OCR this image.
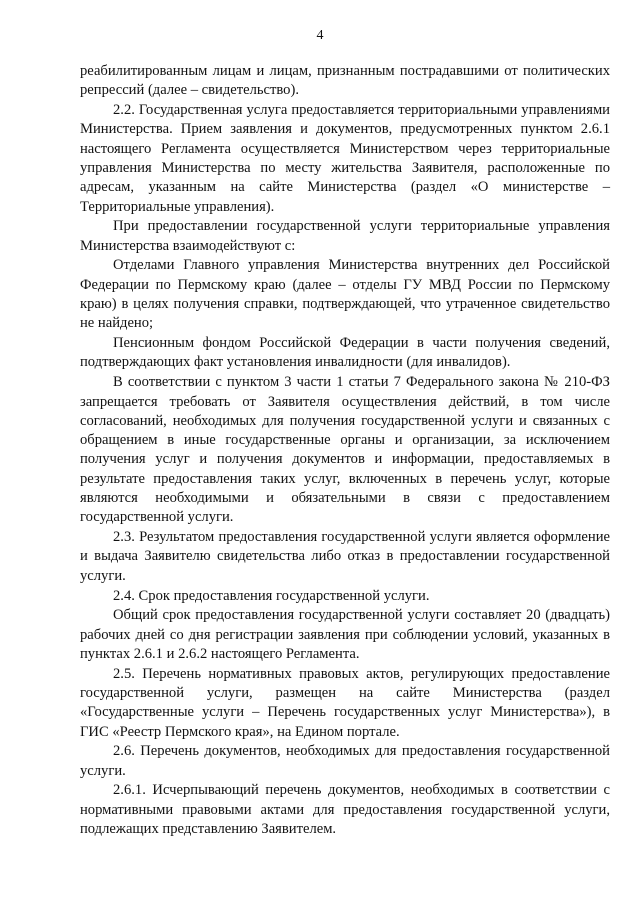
4

реабилитированным лицам и лицам, признанным пострадавшими от политических репрессий (далее – свидетельство).

2.2. Государственная услуга предоставляется территориальными управлениями Министерства. Прием заявления и документов, предусмотренных пунктом 2.6.1 настоящего Регламента осуществляется Министерством через территориальные управления Министерства по месту жительства Заявителя, расположенные по адресам, указанным на сайте Министерства (раздел «О министерстве – Территориальные управления).

При предоставлении государственной услуги территориальные управления Министерства взаимодействуют с:

Отделами Главного управления Министерства внутренних дел Российской Федерации по Пермскому краю (далее – отделы ГУ МВД России по Пермскому краю) в целях получения справки, подтверждающей, что утраченное свидетельство не найдено;

Пенсионным фондом Российской Федерации в части получения сведений, подтверждающих факт установления инвалидности (для инвалидов).

В соответствии с пунктом 3 части 1 статьи 7 Федерального закона № 210-ФЗ запрещается требовать от Заявителя осуществления действий, в том числе согласований, необходимых для получения государственной услуги и связанных с обращением в иные государственные органы и организации, за исключением получения услуг и получения документов и информации, предоставляемых в результате предоставления таких услуг, включенных в перечень услуг, которые являются необходимыми и обязательными в связи с предоставлением государственной услуги.

2.3. Результатом предоставления государственной услуги является оформление и выдача Заявителю свидетельства либо отказ в предоставлении государственной услуги.

2.4. Срок предоставления государственной услуги.

Общий срок предоставления государственной услуги составляет 20 (двадцать) рабочих дней со дня регистрации заявления при соблюдении условий, указанных в пунктах 2.6.1 и 2.6.2 настоящего Регламента.

2.5. Перечень нормативных правовых актов, регулирующих предоставление государственной услуги, размещен на сайте Министерства (раздел «Государственные услуги – Перечень государственных услуг Министерства»), в ГИС «Реестр Пермского края», на Едином портале.

2.6. Перечень документов, необходимых для предоставления государственной услуги.

2.6.1. Исчерпывающий перечень документов, необходимых в соответствии с нормативными правовыми актами для предоставления государственной услуги, подлежащих представлению Заявителем.
